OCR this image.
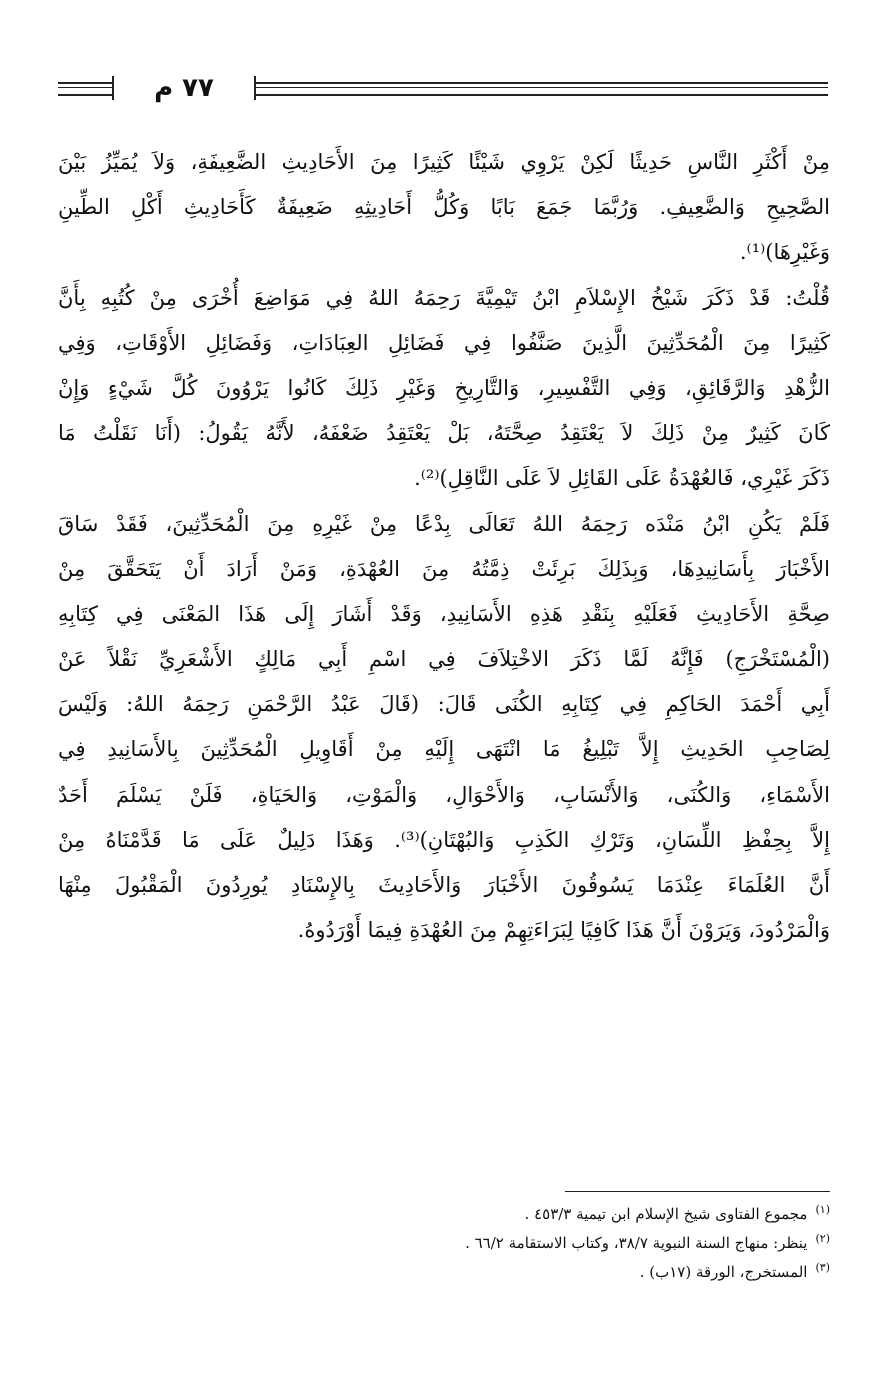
٧٧ م
مِنْ أَكْثَرِ النَّاسِ حَدِيثًا لَكِنْ يَرْوِي شَيْئًا كَثِيرًا مِنَ الأَحَادِيثِ الضَّعِيفَةِ، وَلاَ يُمَيِّزُ بَيْنَ
الصَّحِيحِ وَالضَّعِيفِ. وَرُبَّمَا جَمَعَ بَابًا وَكُلُّ أَحَادِيثِهِ ضَعِيفَةٌ كَأَحَادِيثِ أَكْلِ الطِّينِ
وَغَيْرِهَا)⁽¹⁾.
قُلْتُ: قَدْ ذَكَرَ شَيْخُ الإِسْلاَمِ ابْنُ تَيْمِيَّةَ رَحِمَهُ اللهُ فِي مَوَاضِعَ أُخْرَى مِنْ كُتُبِهِ بِأَنَّ
كَثِيرًا مِنَ الْمُحَدِّثِينَ الَّذِينَ صَنَّفُوا فِي فَضَائِلِ العِبَادَاتِ، وَفَضَائِلِ الأَوْقَاتِ، وَفِي
الزُّهْدِ وَالرَّقَائِقِ، وَفِي التَّفْسِيرِ، وَالتَّارِيخِ وَغَيْرِ ذَلِكَ كَانُوا يَرْوُونَ كُلَّ شَيْءٍ وَإِنْ
كَانَ كَثِيرٌ مِنْ ذَلِكَ لاَ يَعْتَقِدُ صِحَّتَهُ، بَلْ يَعْتَقِدُ ضَعْفَهُ، لأَنَّهُ يَقُولُ: (أَنَا نَقَلْتُ مَا
ذَكَرَ غَيْرِي، فَالعُهْدَةُ عَلَى القَائِلِ لاَ عَلَى النَّاقِلِ)⁽²⁾.
فَلَمْ يَكُنِ ابْنُ مَنْدَه رَحِمَهُ اللهُ تَعَالَى بِدْعًا مِنْ غَيْرِهِ مِنَ الْمُحَدِّثِينَ، فَقَدْ سَاقَ
الأَخْبَارَ بِأَسَانِيدِهَا، وَبِذَلِكَ بَرِئَتْ ذِمَّتُهُ مِنَ العُهْدَةِ، وَمَنْ أَرَادَ أَنْ يَتَحَقَّقَ مِنْ
صِحَّةِ الأَحَادِيثِ فَعَلَيْهِ بِنَقْدِ هَذِهِ الأَسَانِيدِ، وَقَدْ أَشَارَ إِلَى هَذَا المَعْنَى فِي كِتَابِهِ
(الْمُسْتَخْرَجِ) فَإِنَّهُ لَمَّا ذَكَرَ الاخْتِلاَفَ فِي اسْمِ أَبِي مَالِكٍ الأَشْعَرِيِّ نَقْلاً عَنْ
أَبِي أَحْمَدَ الحَاكِمِ فِي كِتَابِهِ الكُنَى قَالَ: (قَالَ عَبْدُ الرَّحْمَنِ رَحِمَهُ اللهُ: وَلَيْسَ
لِصَاحِبِ الحَدِيثِ إِلاَّ تَبْلِيغُ مَا انْتَهَى إِلَيْهِ مِنْ أَقَاوِيلِ الْمُحَدِّثِينَ بِالأَسَانِيدِ فِي
الأَسْمَاءِ، وَالكُنَى، وَالأَنْسَابِ، وَالأَحْوَالِ، وَالْمَوْتِ، وَالحَيَاةِ، فَلَنْ يَسْلَمَ أَحَدٌ
إِلاَّ بِحِفْظِ اللِّسَانِ، وَتَرْكِ الكَذِبِ وَالبُهْتَانِ)⁽³⁾. وَهَذَا دَلِيلٌ عَلَى مَا قَدَّمْنَاهُ مِنْ
أَنَّ العُلَمَاءَ عِنْدَمَا يَسُوقُونَ الأَخْبَارَ وَالأَحَادِيثَ بِالإِسْنَادِ يُورِدُونَ الْمَقْبُولَ مِنْهَا
وَالْمَرْدُودَ، وَيَرَوْنَ أَنَّ هَذَا كَافِيًا لِبَرَاءَتِهِمْ مِنَ العُهْدَةِ فِيمَا أَوْرَدُوهُ.
(١)مجموع الفتاوى شيخ الإسلام ابن تيمية ٤٥٣/٣ .
(٢)ينظر: منهاج السنة النبوية ٣٨/٧، وكتاب الاستقامة ٦٦/٢ .
(٣)المستخرج، الورقة (١٧ب) .
